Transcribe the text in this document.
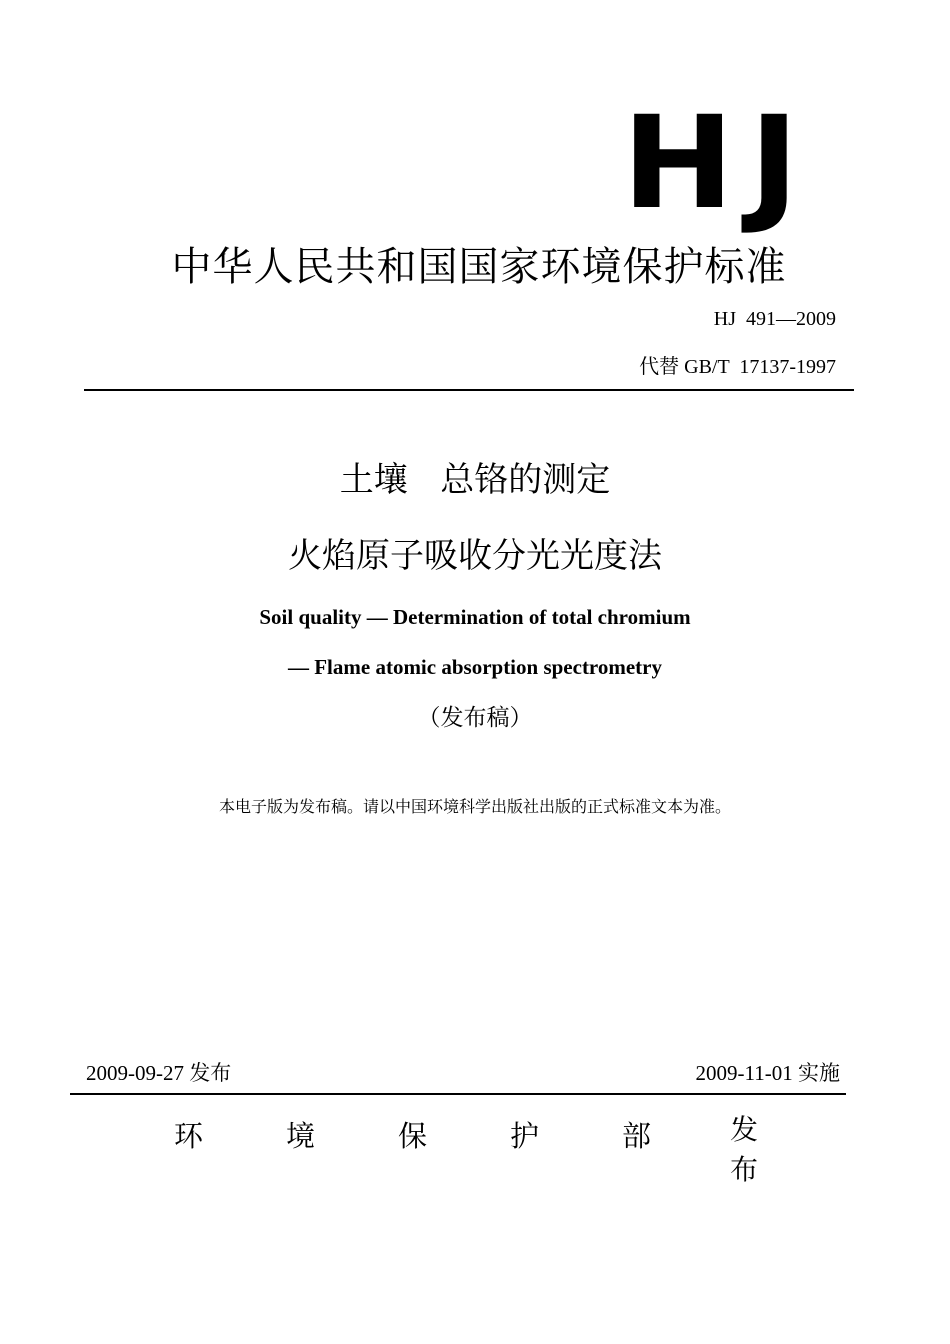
HJ
中华人民共和国国家环境保护标准
HJ  491—2009
代替 GB/T  17137-1997
土壤   总铬的测定
火焰原子吸收分光光度法
Soil quality — Determination of total chromium
— Flame atomic absorption spectrometry
（发布稿）
本电子版为发布稿。请以中国环境科学出版社出版的正式标准文本为准。
2009-09-27 发布	2009-11-01 实施
环	境	保	护	部	发布
